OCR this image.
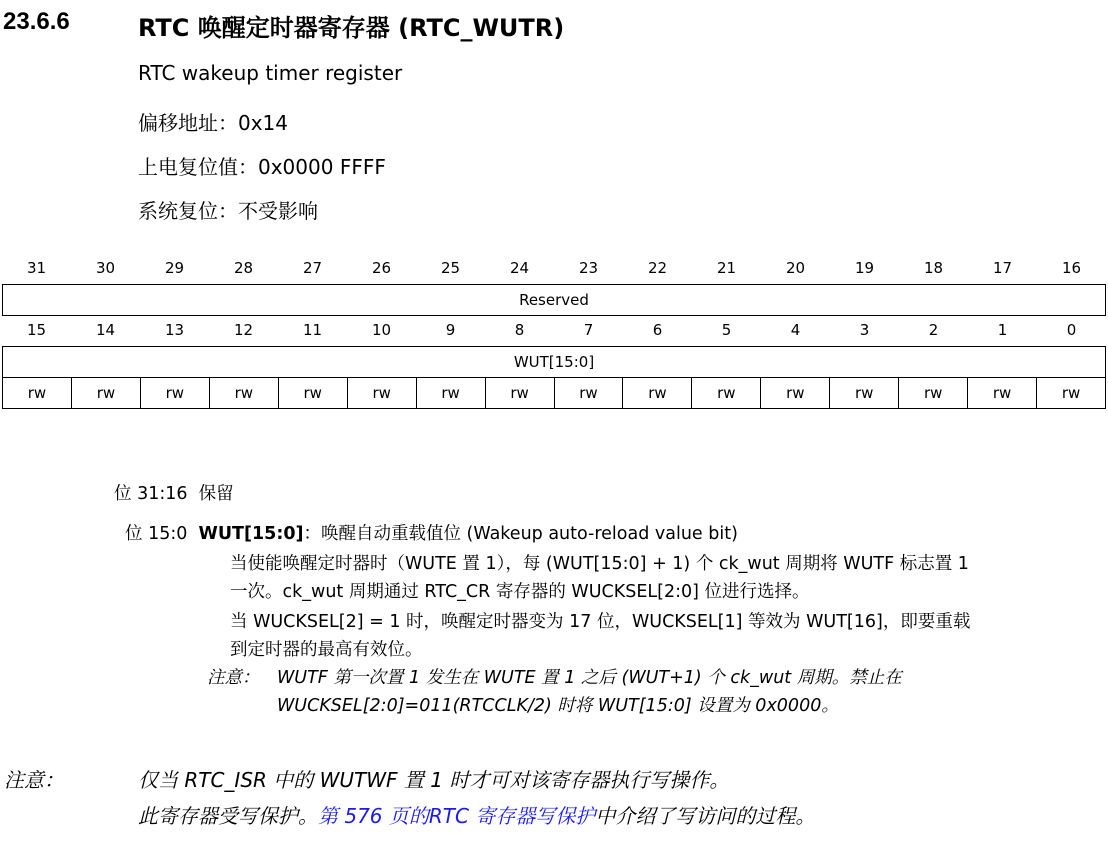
23.6.6	RTC 唤醒定时器寄存器 (RTC_WUTR)
RTC wakeup timer register
偏移地址：0x14
上电复位值：0x0000 FFFF
系统复位：不受影响
31	30	29	28	27	26	25	24	23	22	21	20	19	18	17	16
Reserved
15	14	13	12	11	10	9	8	7	6	5	4	3	2	1	0
WUT[15:0]
rw	rw	rw	rw	rw	rw	rw	rw	rw	rw	rw	rw	rw	rw	rw	rw
位 31:16 保留
位 15:0 WUT[15:0]：唤醒自动重载值位 (Wakeup auto-reload value bit)
当使能唤醒定时器时（WUTE 置 1），每 (WUT[15:0] + 1) 个 ck_wut 周期将 WUTF 标志置 1
一次。ck_wut 周期通过 RTC_CR 寄存器的 WUCKSEL[2:0] 位进行选择。
当 WUCKSEL[2] = 1 时，唤醒定时器变为 17 位，WUCKSEL[1] 等效为 WUT[16]，即要重载
到定时器的最高有效位。
注意： WUTF 第一次置 1 发生在 WUTE 置 1 之后 (WUT+1) 个 ck_wut 周期。禁止在
WUCKSEL[2:0]=011(RTCCLK/2) 时将 WUT[15:0] 设置为 0x0000。
注意：	仅当 RTC_ISR 中的 WUTWF 置 1 时才可对该寄存器执行写操作。
此寄存器受写保护。第 576 页的RTC 寄存器写保护中介绍了写访问的过程。
